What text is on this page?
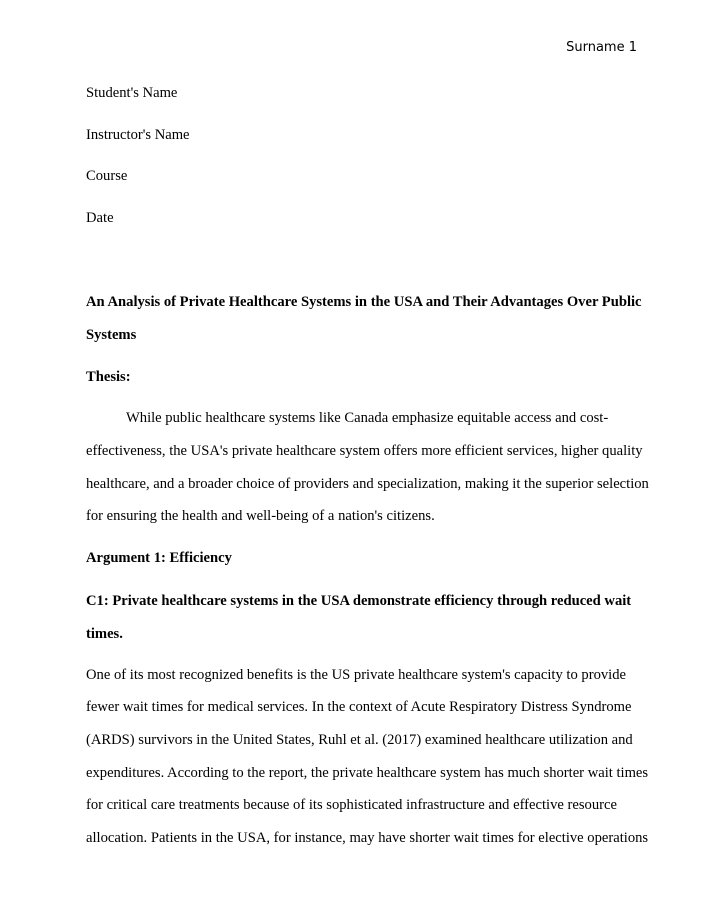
Surname 1
Student's Name
Instructor's Name
Course
Date
An Analysis of Private Healthcare Systems in the USA and Their Advantages Over Public
Systems
Thesis:
While public healthcare systems like Canada emphasize equitable access and cost-
effectiveness, the USA's private healthcare system offers more efficient services, higher quality
healthcare, and a broader choice of providers and specialization, making it the superior selection
for ensuring the health and well-being of a nation's citizens.
Argument 1: Efficiency
C1: Private healthcare systems in the USA demonstrate efficiency through reduced wait
times.
One of its most recognized benefits is the US private healthcare system's capacity to provide
fewer wait times for medical services. In the context of Acute Respiratory Distress Syndrome
(ARDS) survivors in the United States, Ruhl et al. (2017) examined healthcare utilization and
expenditures. According to the report, the private healthcare system has much shorter wait times
for critical care treatments because of its sophisticated infrastructure and effective resource
allocation. Patients in the USA, for instance, may have shorter wait times for elective operations
